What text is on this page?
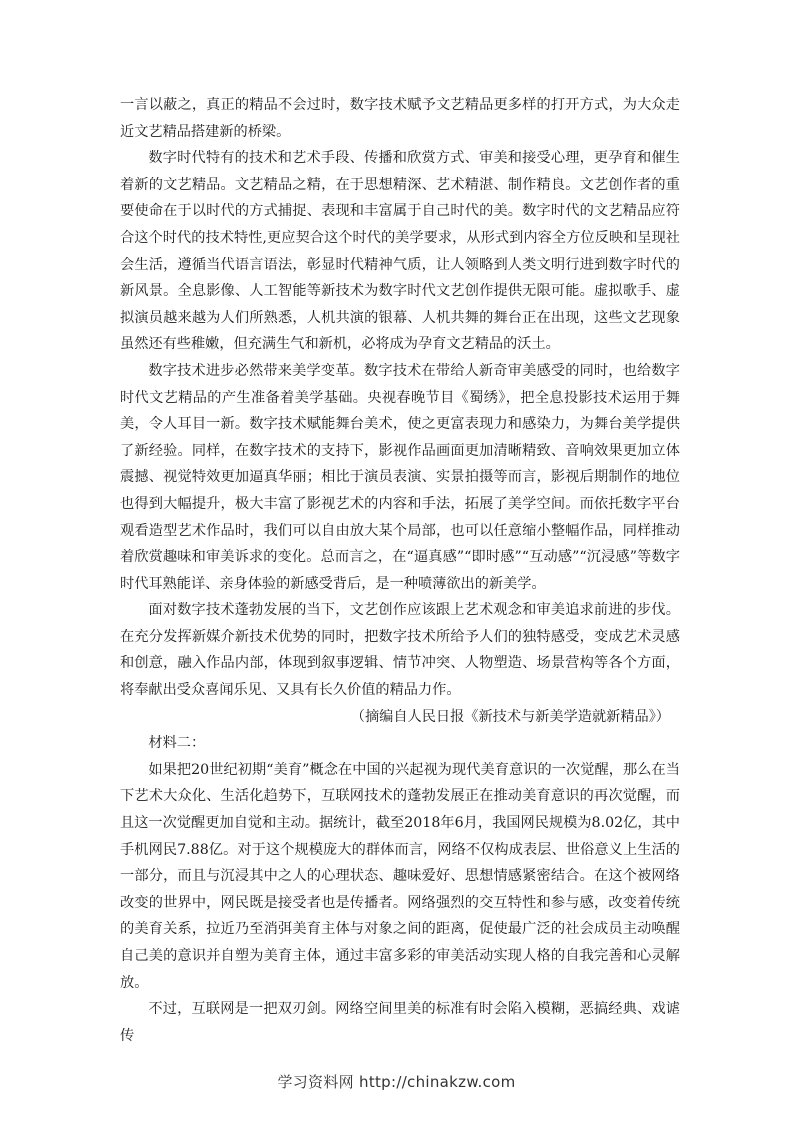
一言以蔽之，真正的精品不会过时，数字技术赋予文艺精品更多样的打开方式，为大众走近文艺精品搭建新的桥梁。

数字时代特有的技术和艺术手段、传播和欣赏方式、审美和接受心理，更孕育和催生着新的文艺精品。文艺精品之精，在于思想精深、艺术精湛、制作精良。文艺创作者的重要使命在于以时代的方式捕捉、表现和丰富属于自己时代的美。数字时代的文艺精品应符合这个时代的技术特性,更应契合这个时代的美学要求，从形式到内容全方位反映和呈现社会生活，遵循当代语言语法，彰显时代精神气质，让人领略到人类文明行进到数字时代的新风景。全息影像、人工智能等新技术为数字时代文艺创作提供无限可能。虚拟歌手、虚拟演员越来越为人们所熟悉，人机共演的银幕、人机共舞的舞台正在出现，这些文艺现象虽然还有些稚嫩，但充满生气和新机，必将成为孕育文艺精品的沃土。

数字技术进步必然带来美学变革。数字技术在带给人新奇审美感受的同时，也给数字时代文艺精品的产生准备着美学基础。央视春晚节目《蜀绣》，把全息投影技术运用于舞美，令人耳目一新。数字技术赋能舞台美术，使之更富表现力和感染力，为舞台美学提供了新经验。同样，在数字技术的支持下，影视作品画面更加清晰精致、音响效果更加立体震撼、视觉特效更加逼真华丽；相比于演员表演、实景拍摄等而言，影视后期制作的地位也得到大幅提升，极大丰富了影视艺术的内容和手法，拓展了美学空间。而依托数字平台观看造型艺术作品时，我们可以自由放大某个局部，也可以任意缩小整幅作品，同样推动着欣赏趣味和审美诉求的变化。总而言之，在“逼真感”“即时感”“互动感”“沉浸感”等数字时代耳熟能详、亲身体验的新感受背后，是一种喷薄欲出的新美学。

面对数字技术蓬勃发展的当下，文艺创作应该跟上艺术观念和审美追求前进的步伐。在充分发挥新媒介新技术优势的同时，把数字技术所给予人们的独特感受，变成艺术灵感和创意，融入作品内部，体现到叙事逻辑、情节冲突、人物塑造、场景营构等各个方面，将奉献出受众喜闻乐见、又具有长久价值的精品力作。

（摘编自人民日报《新技术与新美学造就新精品》）

材料二：

如果把20世纪初期“美育”概念在中国的兴起视为现代美育意识的一次觉醒，那么在当下艺术大众化、生活化趋势下，互联网技术的蓬勃发展正在推动美育意识的再次觉醒，而且这一次觉醒更加自觉和主动。据统计，截至2018年6月，我国网民规模为8.02亿，其中手机网民7.88亿。对于这个规模庞大的群体而言，网络不仅构成表层、世俗意义上生活的一部分，而且与沉浸其中之人的心理状态、趣味爱好、思想情感紧密结合。在这个被网络改变的世界中，网民既是接受者也是传播者。网络强烈的交互特性和参与感，改变着传统的美育关系，拉近乃至消弭美育主体与对象之间的距离，促使最广泛的社会成员主动唤醒自己美的意识并自塑为美育主体，通过丰富多彩的审美活动实现人格的自我完善和心灵解放。

不过，互联网是一把双刃剑。网络空间里美的标准有时会陷入模糊，恶搞经典、戏谑传

学习资料网 http://chinakzw.com
